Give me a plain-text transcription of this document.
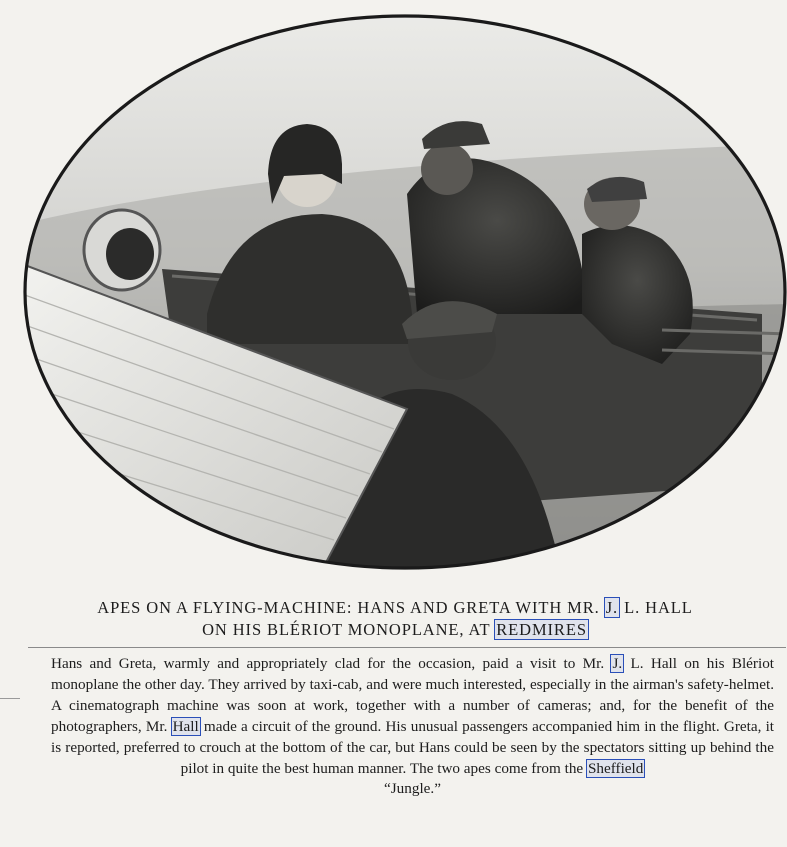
APES ON A FLYING-MACHINE: HANS AND GRETA WITH MR. J. L. HALL
ON HIS BLÉRIOT MONOPLANE, AT REDMIRES

Hans and Greta, warmly and appropriately clad for the occasion, paid a visit to Mr. J. L. Hall on his Blériot monoplane the other day. They arrived by taxi-cab, and were much interested, especially in the airman's safety-helmet. A cinematograph machine was soon at work, together with a number of cameras; and, for the benefit of the photographers, Mr. Hall made a circuit of the ground. His unusual passengers accompanied him in the flight. Greta, it is reported, preferred to crouch at the bottom of the car, but Hans could be seen by the spectators sitting up behind the pilot in quite the best human manner. The two apes come from the Sheffield
“Jungle.”
